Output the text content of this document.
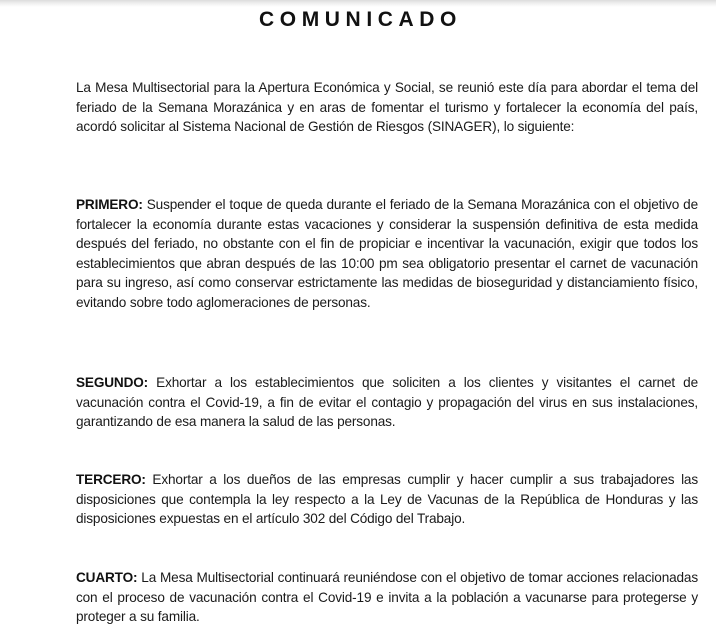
COMUNICADO

La Mesa Multisectorial para la Apertura Económica y Social, se reunió este día para abordar el tema del feriado de la Semana Morazánica y en aras de fomentar el turismo y fortalecer la economía del país, acordó solicitar al Sistema Nacional de Gestión de Riesgos (SINAGER), lo siguiente:

PRIMERO: Suspender el toque de queda durante el feriado de la Semana Morazánica con el objetivo de fortalecer la economía durante estas vacaciones y considerar la suspensión definitiva de esta medida después del feriado, no obstante con el fin de propiciar e incentivar la vacunación, exigir que todos los establecimientos que abran después de las 10:00 pm sea obligatorio presentar el carnet de vacunación para su ingreso, así como conservar estrictamente las medidas de bioseguridad y distanciamiento físico, evitando sobre todo aglomeraciones de personas.

SEGUNDO: Exhortar a los establecimientos que soliciten a los clientes y visitantes el carnet de vacunación contra el Covid-19, a fin de evitar el contagio y propagación del virus en sus instalaciones, garantizando de esa manera la salud de las personas.

TERCERO: Exhortar a los dueños de las empresas cumplir y hacer cumplir a sus trabajadores las disposiciones que contempla la ley respecto a la Ley de Vacunas de la República de Honduras y las disposiciones expuestas en el artículo 302 del Código del Trabajo.

CUARTO: La Mesa Multisectorial continuará reuniéndose con el objetivo de tomar acciones relacionadas con el proceso de vacunación contra el Covid-19 e invita a la población a vacunarse para protegerse y proteger a su familia.
